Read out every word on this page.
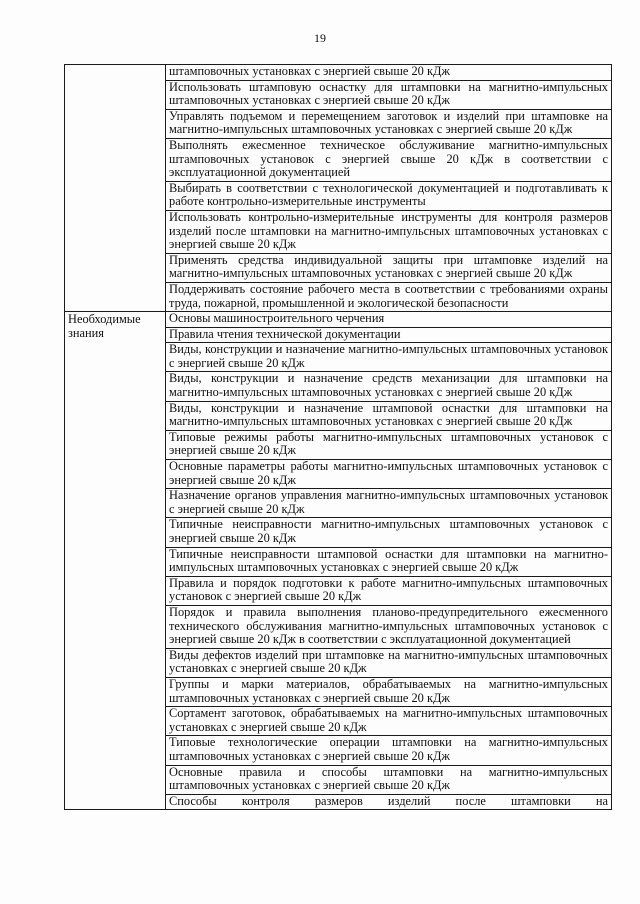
19
	штамповочных установках с энергией свыше 20 кДж
	Использовать штамповую оснастку для штамповки на магнитно-импульсных штамповочных установках с энергией свыше 20 кДж
	Управлять подъемом и перемещением заготовок и изделий при штамповке на магнитно-импульсных штамповочных установках с энергией свыше 20 кДж
	Выполнять ежесменное техническое обслуживание магнитно-импульсных штамповочных установок с энергией свыше 20 кДж в соответствии с эксплуатационной документацией
	Выбирать в соответствии с технологической документацией и подготавливать к работе контрольно-измерительные инструменты
	Использовать контрольно-измерительные инструменты для контроля размеров изделий после штамповки на магнитно-импульсных штамповочных установках с энергией свыше 20 кДж
	Применять средства индивидуальной защиты при штамповке изделий на магнитно-импульсных штамповочных установках с энергией свыше 20 кДж
	Поддерживать состояние рабочего места в соответствии с требованиями охраны труда, пожарной, промышленной и экологической безопасности

Необходимые знания	Основы машиностроительного черчения
	Правила чтения технической документации
	Виды, конструкции и назначение магнитно-импульсных штамповочных установок с энергией свыше 20 кДж
	Виды, конструкции и назначение средств механизации для штамповки на магнитно-импульсных штамповочных установках с энергией свыше 20 кДж
	Виды, конструкции и назначение штамповой оснастки для штамповки на магнитно-импульсных штамповочных установках с энергией свыше 20 кДж
	Типовые режимы работы магнитно-импульсных штамповочных установок с энергией свыше 20 кДж
	Основные параметры работы магнитно-импульсных штамповочных установок с энергией свыше 20 кДж
	Назначение органов управления магнитно-импульсных штамповочных установок с энергией свыше 20 кДж
	Типичные неисправности магнитно-импульсных штамповочных установок с энергией свыше 20 кДж
	Типичные неисправности штамповой оснастки для штамповки на магнитно-импульсных штамповочных установках с энергией свыше 20 кДж
	Правила и порядок подготовки к работе магнитно-импульсных штамповочных установок с энергией свыше 20 кДж
	Порядок и правила выполнения планово-предупредительного ежесменного технического обслуживания магнитно-импульсных штамповочных установок с энергией свыше 20 кДж в соответствии с эксплуатационной документацией
	Виды дефектов изделий при штамповке на магнитно-импульсных штамповочных установках с энергией свыше 20 кДж
	Группы и марки материалов, обрабатываемых на магнитно-импульсных штамповочных установках с энергией свыше 20 кДж
	Сортамент заготовок, обрабатываемых на магнитно-импульсных штамповочных установках с энергией свыше 20 кДж
	Типовые технологические операции штамповки на магнитно-импульсных штамповочных установках с энергией свыше 20 кДж
	Основные правила и способы штамповки на магнитно-импульсных штамповочных установках с энергией свыше 20 кДж
	Способы контроля размеров изделий после штамповки на
